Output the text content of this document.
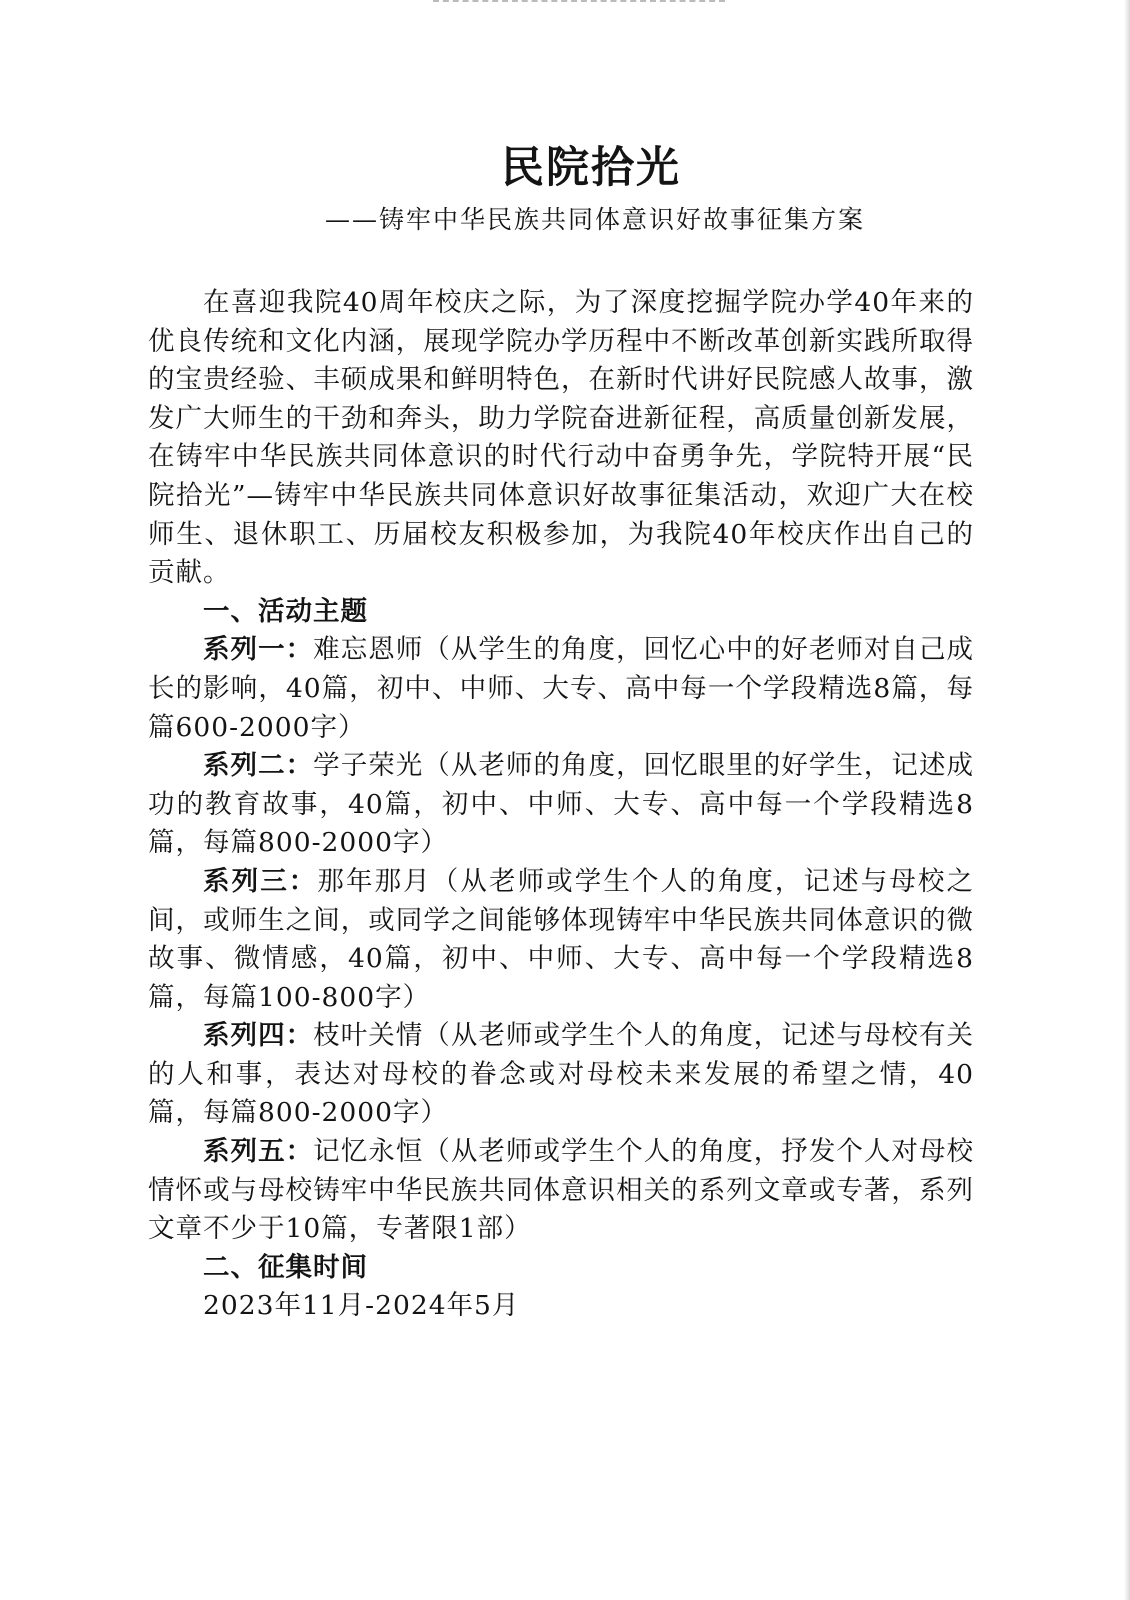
民院拾光
——铸牢中华民族共同体意识好故事征集方案

在喜迎我院40周年校庆之际，为了深度挖掘学院办学40年来的优良传统和文化内涵，展现学院办学历程中不断改革创新实践所取得的宝贵经验、丰硕成果和鲜明特色，在新时代讲好民院感人故事，激发广大师生的干劲和奔头，助力学院奋进新征程，高质量创新发展，在铸牢中华民族共同体意识的时代行动中奋勇争先，学院特开展“民院拾光”—铸牢中华民族共同体意识好故事征集活动，欢迎广大在校师生、退休职工、历届校友积极参加，为我院40年校庆作出自己的贡献。

一、活动主题

系列一：难忘恩师（从学生的角度，回忆心中的好老师对自己成长的影响，40篇，初中、中师、大专、高中每一个学段精选8篇，每篇600-2000字）

系列二：学子荣光（从老师的角度，回忆眼里的好学生，记述成功的教育故事，40篇，初中、中师、大专、高中每一个学段精选8篇，每篇800-2000字）

系列三：那年那月（从老师或学生个人的角度，记述与母校之间，或师生之间，或同学之间能够体现铸牢中华民族共同体意识的微故事、微情感，40篇，初中、中师、大专、高中每一个学段精选8篇，每篇100-800字）

系列四：枝叶关情（从老师或学生个人的角度，记述与母校有关的人和事，表达对母校的眷念或对母校未来发展的希望之情，40篇，每篇800-2000字）

系列五：记忆永恒（从老师或学生个人的角度，抒发个人对母校情怀或与母校铸牢中华民族共同体意识相关的系列文章或专著，系列文章不少于10篇，专著限1部）

二、征集时间

2023年11月-2024年5月
